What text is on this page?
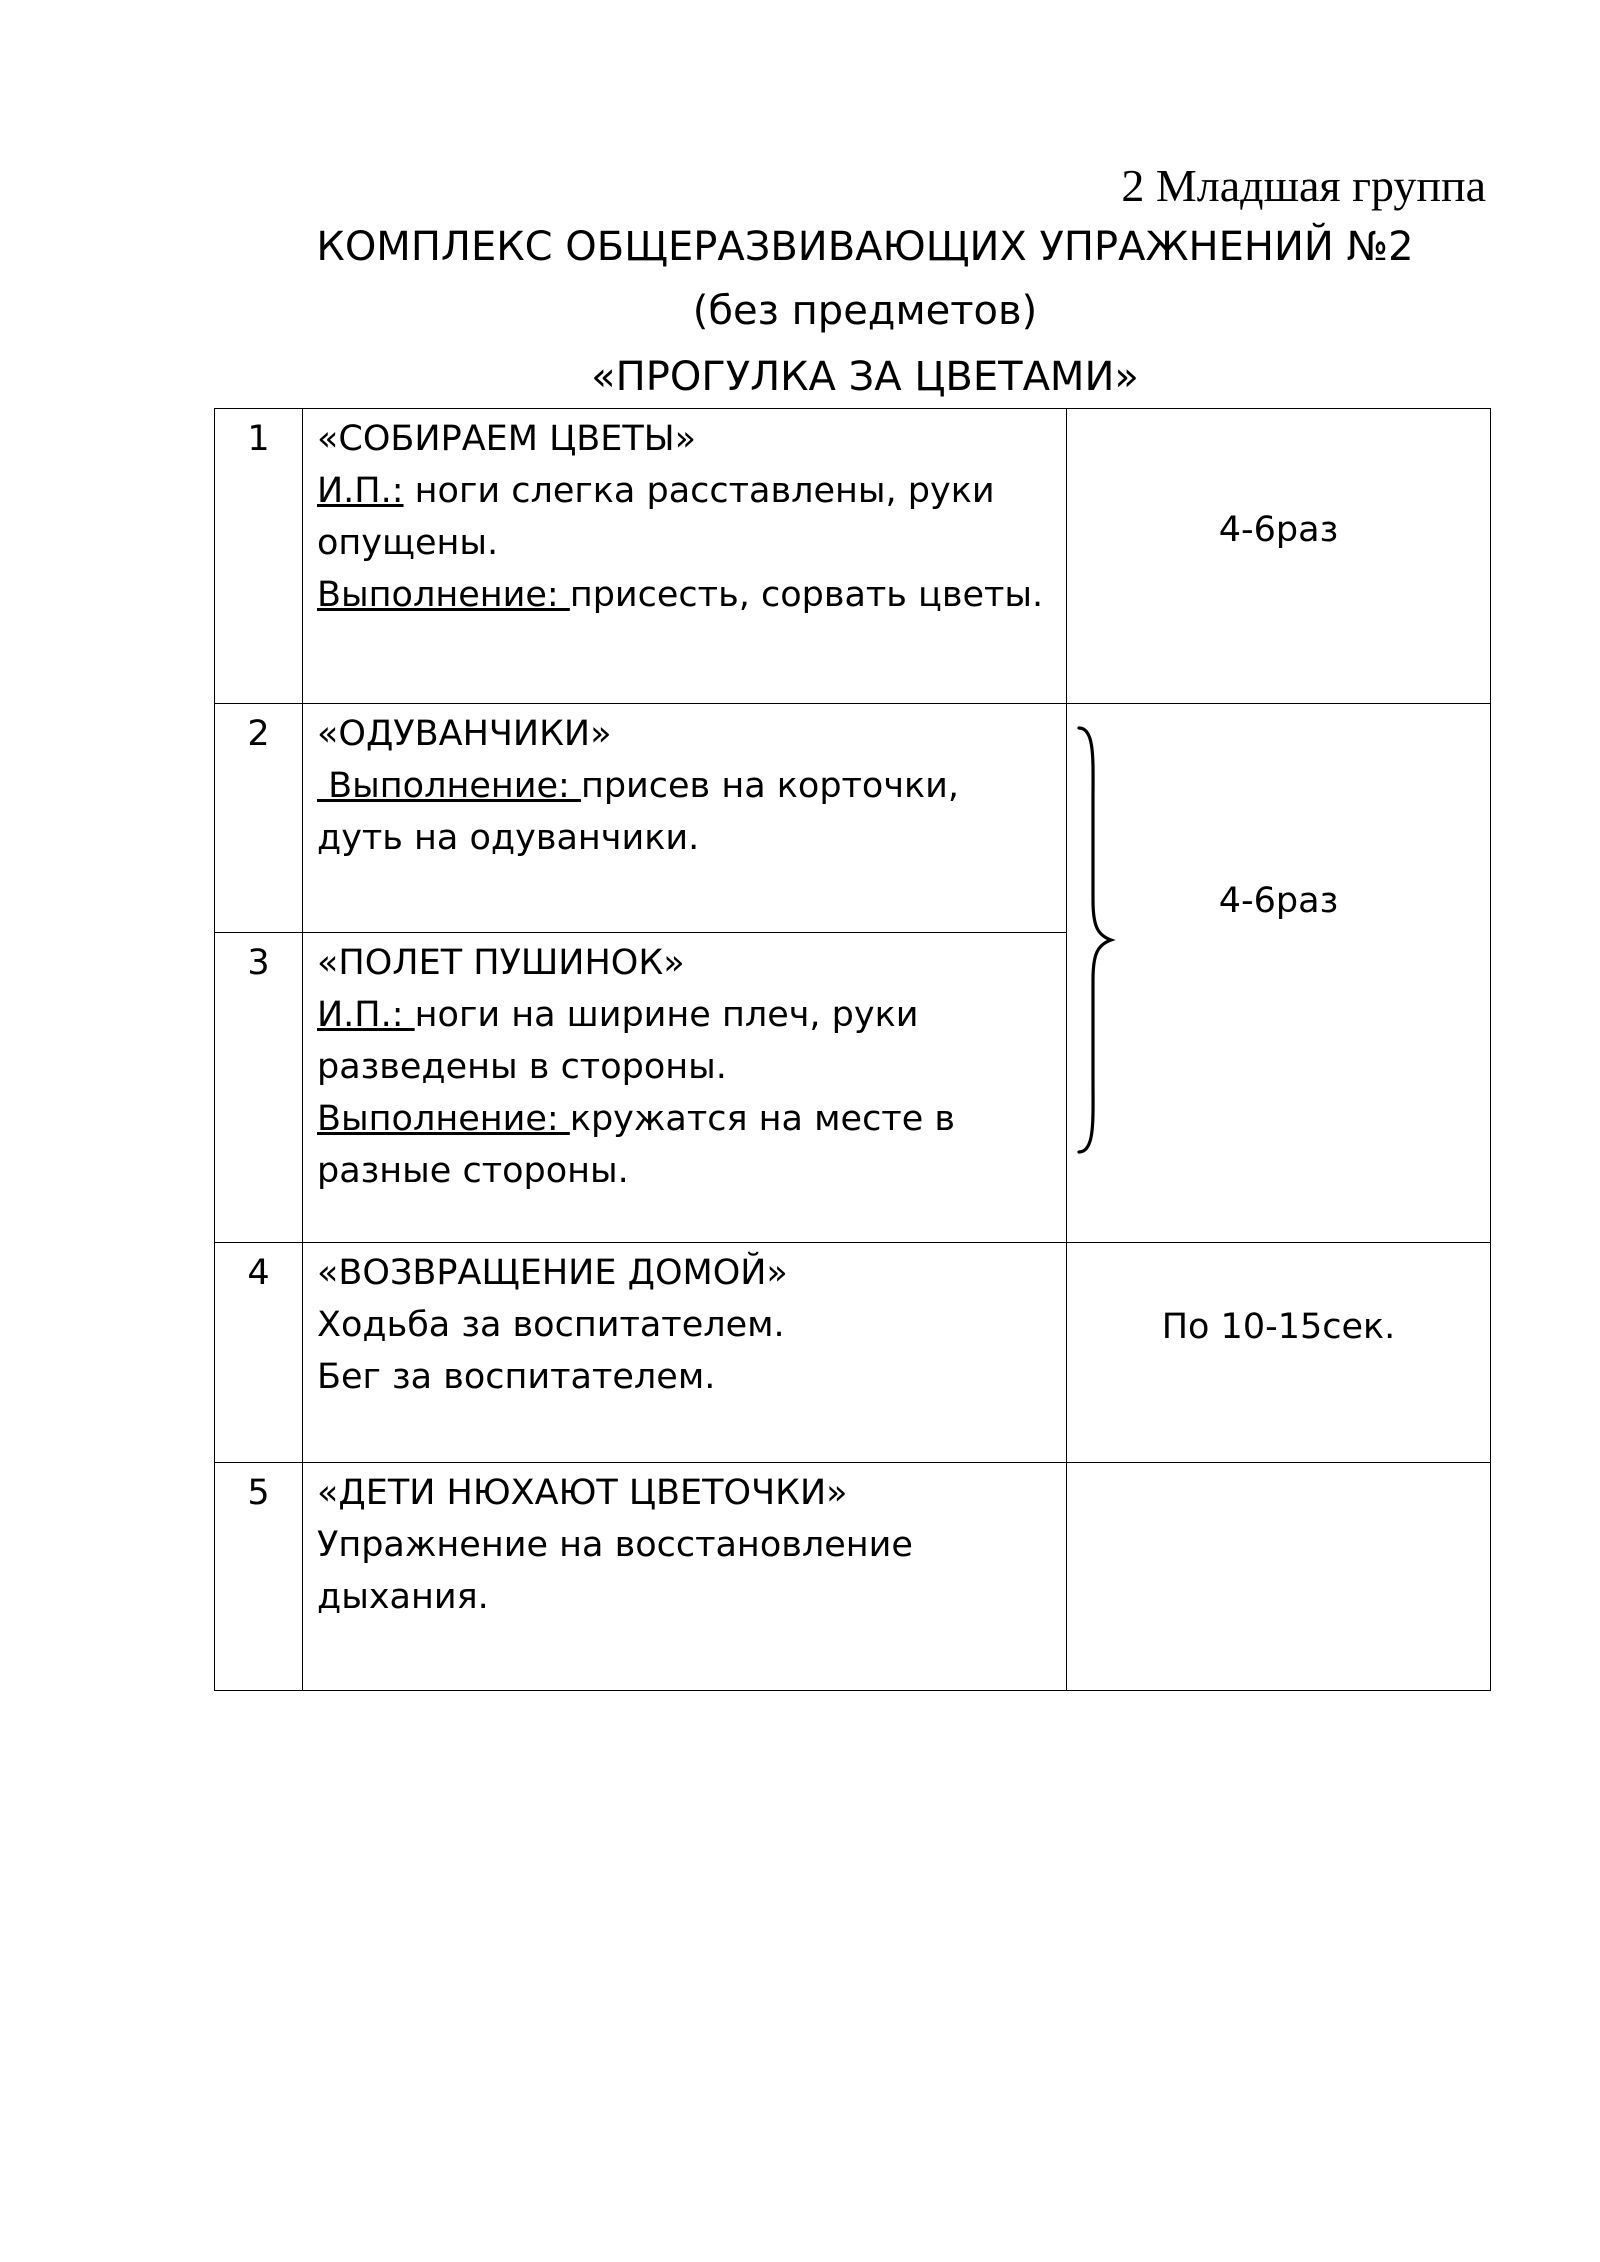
2 Младшая группа
КОМПЛЕКС ОБЩЕРАЗВИВАЮЩИХ УПРАЖНЕНИЙ №2
(без предметов)
«ПРОГУЛКА ЗА ЦВЕТАМИ»
1	«СОБИРАЕМ ЦВЕТЫ»
И.П.: ноги слегка расставлены, руки
опущены.
Выполнение: присесть, сорвать цветы.	4-6раз
2	«ОДУВАНЧИКИ»
Выполнение: присев на корточки,
дуть на одуванчики.	4-6раз
3	«ПОЛЕТ ПУШИНОК»
И.П.: ноги на ширине плеч, руки
разведены в стороны.
Выполнение: кружатся на месте в
разные стороны.	

4	«ВОЗВРАЩЕНИЕ ДОМОЙ»
Ходьба за воспитателем.
Бег за воспитателем.	По 10-15сек.
5	«ДЕТИ НЮХАЮТ ЦВЕТОЧКИ»
Упражнение на восстановление
дыхания.	
